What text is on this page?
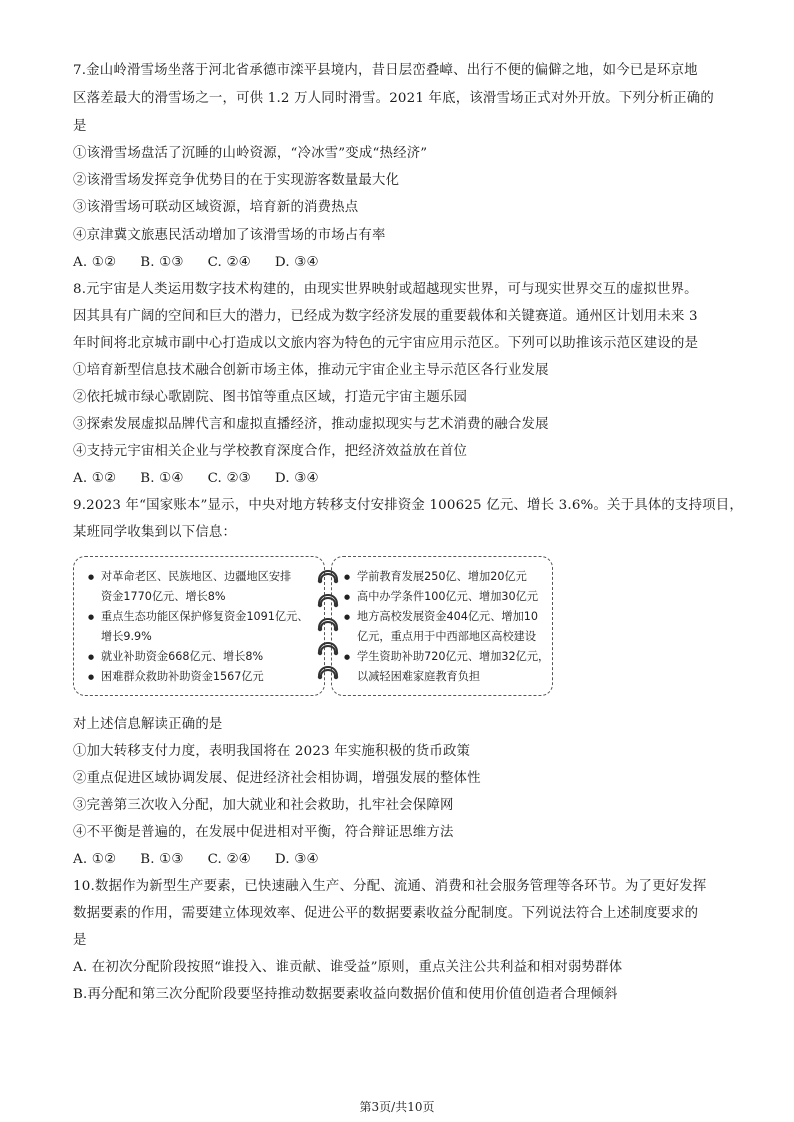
7.金山岭滑雪场坐落于河北省承德市滦平县境内，昔日层峦叠嶂、出行不便的偏僻之地，如今已是环京地
区落差最大的滑雪场之一，可供 1.2 万人同时滑雪。2021 年底，该滑雪场正式对外开放。下列分析正确的
是
①该滑雪场盘活了沉睡的山岭资源，“冷冰雪”变成“热经济”
②该滑雪场发挥竞争优势目的在于实现游客数量最大化
③该滑雪场可联动区域资源，培育新的消费热点
④京津冀文旅惠民活动增加了该滑雪场的市场占有率
A. ①② B. ①③ C. ②④ D. ③④
8.元宇宙是人类运用数字技术构建的，由现实世界映射或超越现实世界，可与现实世界交互的虚拟世界。
因其具有广阔的空间和巨大的潜力，已经成为数字经济发展的重要载体和关键赛道。通州区计划用未来 3
年时间将北京城市副中心打造成以文旅内容为特色的元宇宙应用示范区。下列可以助推该示范区建设的是
①培育新型信息技术融合创新市场主体，推动元宇宙企业主导示范区各行业发展
②依托城市绿心歌剧院、图书馆等重点区域，打造元宇宙主题乐园
③探索发展虚拟品牌代言和虚拟直播经济，推动虚拟现实与艺术消费的融合发展
④支持元宇宙相关企业与学校教育深度合作，把经济效益放在首位
A. ①② B. ①④ C. ②③ D. ③④
9.2023 年“国家账本”显示，中央对地方转移支付安排资金 100625 亿元、增长 3.6%。关于具体的支持项目，
某班同学收集到以下信息：
● 对革命老区、民族地区、边疆地区安排
资金1770亿元、增长8%
● 重点生态功能区保护修复资金1091亿元、
增长9.9%
● 就业补助资金668亿元、增长8%
● 困难群众救助补助资金1567亿元
● 学前教育发展250亿、增加20亿元
● 高中办学条件100亿元、增加30亿元
● 地方高校发展资金404亿元、增加10
亿元，重点用于中西部地区高校建设
● 学生资助补助720亿元、增加32亿元，
以减轻困难家庭教育负担
对上述信息解读正确的是
①加大转移支付力度，表明我国将在 2023 年实施积极的货币政策
②重点促进区域协调发展、促进经济社会相协调，增强发展的整体性
③完善第三次收入分配，加大就业和社会救助，扎牢社会保障网
④不平衡是普遍的，在发展中促进相对平衡，符合辩证思维方法
A. ①② B. ①③ C. ②④ D. ③④
10.数据作为新型生产要素，已快速融入生产、分配、流通、消费和社会服务管理等各环节。为了更好发挥
数据要素的作用，需要建立体现效率、促进公平的数据要素收益分配制度。下列说法符合上述制度要求的
是
A. 在初次分配阶段按照“谁投入、谁贡献、谁受益”原则，重点关注公共利益和相对弱势群体
B.再分配和第三次分配阶段要坚持推动数据要素收益向数据价值和使用价值创造者合理倾斜
第3页/共10页
